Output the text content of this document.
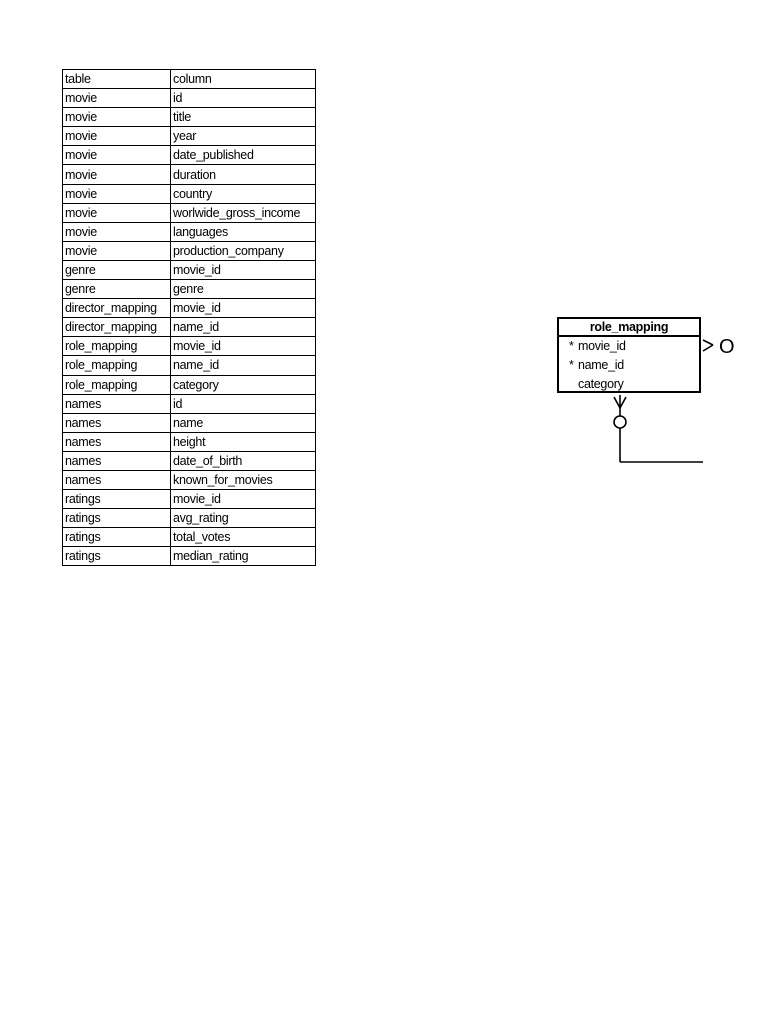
table	column
movie	id
movie	title
movie	year
movie	date_published
movie	duration
movie	country
movie	worlwide_gross_income
movie	languages
movie	production_company
genre	movie_id
genre	genre
director_mapping	movie_id
director_mapping	name_id
role_mapping	movie_id
role_mapping	name_id
role_mapping	category
names	id
names	name
names	height
names	date_of_birth
names	known_for_movies
ratings	movie_id
ratings	avg_rating
ratings	total_votes
ratings	median_rating
role_mapping
* movie_id
* name_id
category
O
